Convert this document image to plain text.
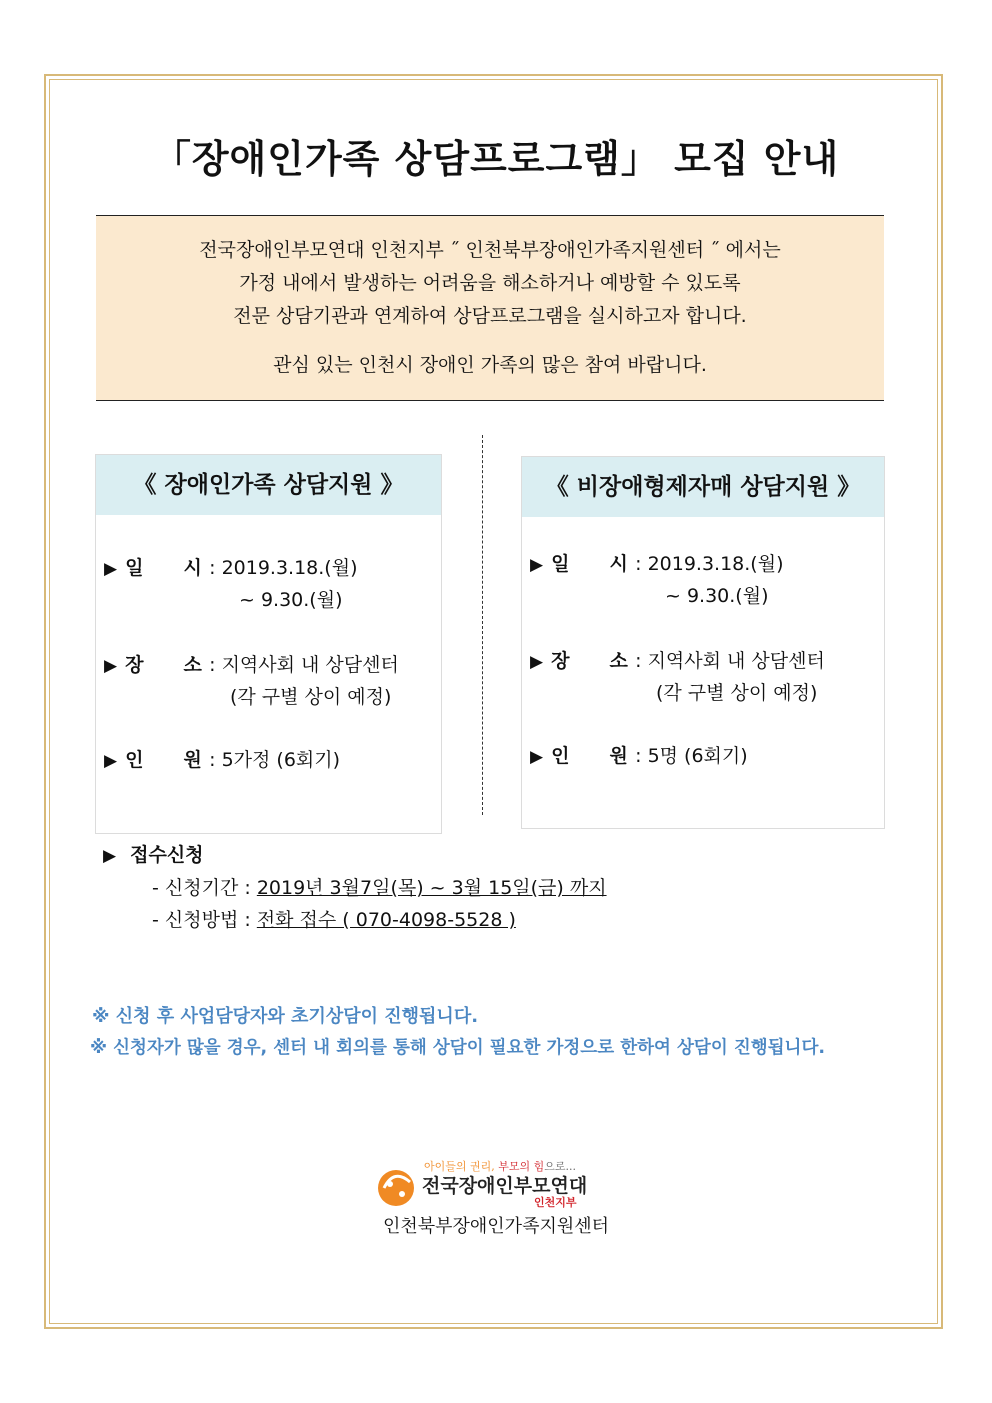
「장애인가족 상담프로그램」 모집 안내
전국장애인부모연대 인천지부 ˝ 인천북부장애인가족지원센터 ˝ 에서는
가정 내에서 발생하는 어려움을 해소하거나 예방할 수 있도록
전문 상담기관과 연계하여 상담프로그램을 실시하고자 합니다.
관심 있는 인천시 장애인 가족의 많은 참여 바랍니다.
《 장애인가족 상담지원 》
▶ 일 시 : 2019.3.18.(월)
~ 9.30.(월)
▶ 장 소 : 지역사회 내 상담센터
(각 구별 상이 예정)
▶ 인 원 : 5가정 (6회기)
《 비장애형제자매 상담지원 》
▶ 일 시 : 2019.3.18.(월)
~ 9.30.(월)
▶ 장 소 : 지역사회 내 상담센터
(각 구별 상이 예정)
▶ 인 원 : 5명 (6회기)
▶ 접수신청
- 신청기간 : 2019년 3월7일(목) ~ 3월 15일(금) 까지
- 신청방법 : 전화 접수 ( 070-4098-5528 )
※ 신청 후 사업담당자와 초기상담이 진행됩니다.
※ 신청자가 많을 경우, 센터 내 회의를 통해 상담이 필요한 가정으로 한하여 상담이 진행됩니다.
아이들의 권리, 부모의 힘으로...
전국장애인부모연대
인천지부
인천북부장애인가족지원센터
